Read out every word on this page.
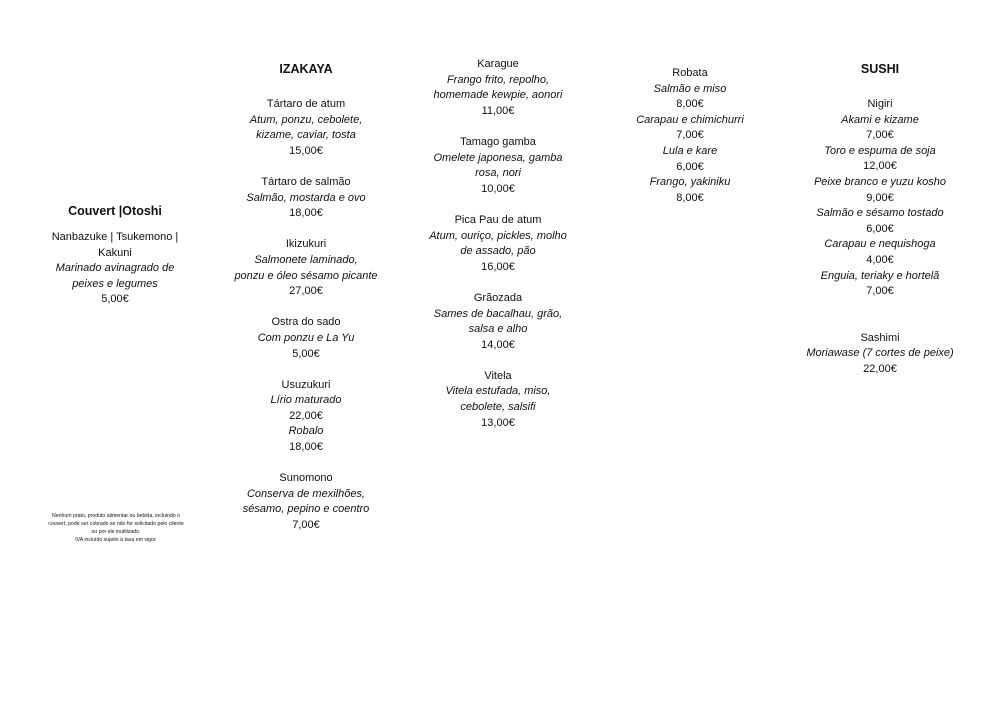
Couvert |Otoshi
Nanbazuke | Tsukemono |
Kakuni
Marinado avinagrado de
peixes e legumes
5,00€
Nenhum prato, produto alimentar ou bebida, incluindo o
couvert, pode ser cobrado se não for solicitado pelo cliente
ou por ele inutilizado.
IVA incluído sujeito à taxa em vigor.
IZAKAYA
Tártaro de atum
Atum, ponzu, cebolete,
kizame, caviar, tosta
15,00€
Tártaro de salmão
Salmão, mostarda e ovo
18,00€
Ikizukuri
Salmonete laminado,
ponzu e óleo sésamo picante
27,00€
Ostra do sado
Com ponzu e La Yu
5,00€
Usuzukuri
Lírio maturado
22,00€
Robalo
18,00€
Sunomono
Conserva de mexilhões,
sésamo, pepino e coentro
7,00€
Karague
Frango frito, repolho,
homemade kewpie, aonori
11,00€
Tamago gamba
Omelete japonesa, gamba
rosa, nori
10,00€
Pica Pau de atum
Atum, ouriço, pickles, molho
de assado, pão
16,00€
Grãozada
Sames de bacalhau, grão,
salsa e alho
14,00€
Vitela
Vitela estufada, miso,
cebolete, salsifi
13,00€
Robata
Salmão e miso
8,00€
Carapau e chimichurri
7,00€
Lula e kare
6,00€
Frango, yakiniku
8,00€
SUSHI
Nigiri
Akami e kizame
7,00€
Toro e espuma de soja
12,00€
Peixe branco e yuzu kosho
9,00€
Salmão e sésamo tostado
6,00€
Carapau e nequishoga
4,00€
Enguia, teriaky e hortelã
7,00€
Sashimi
Moriawase (7 cortes de peixe)
22,00€
